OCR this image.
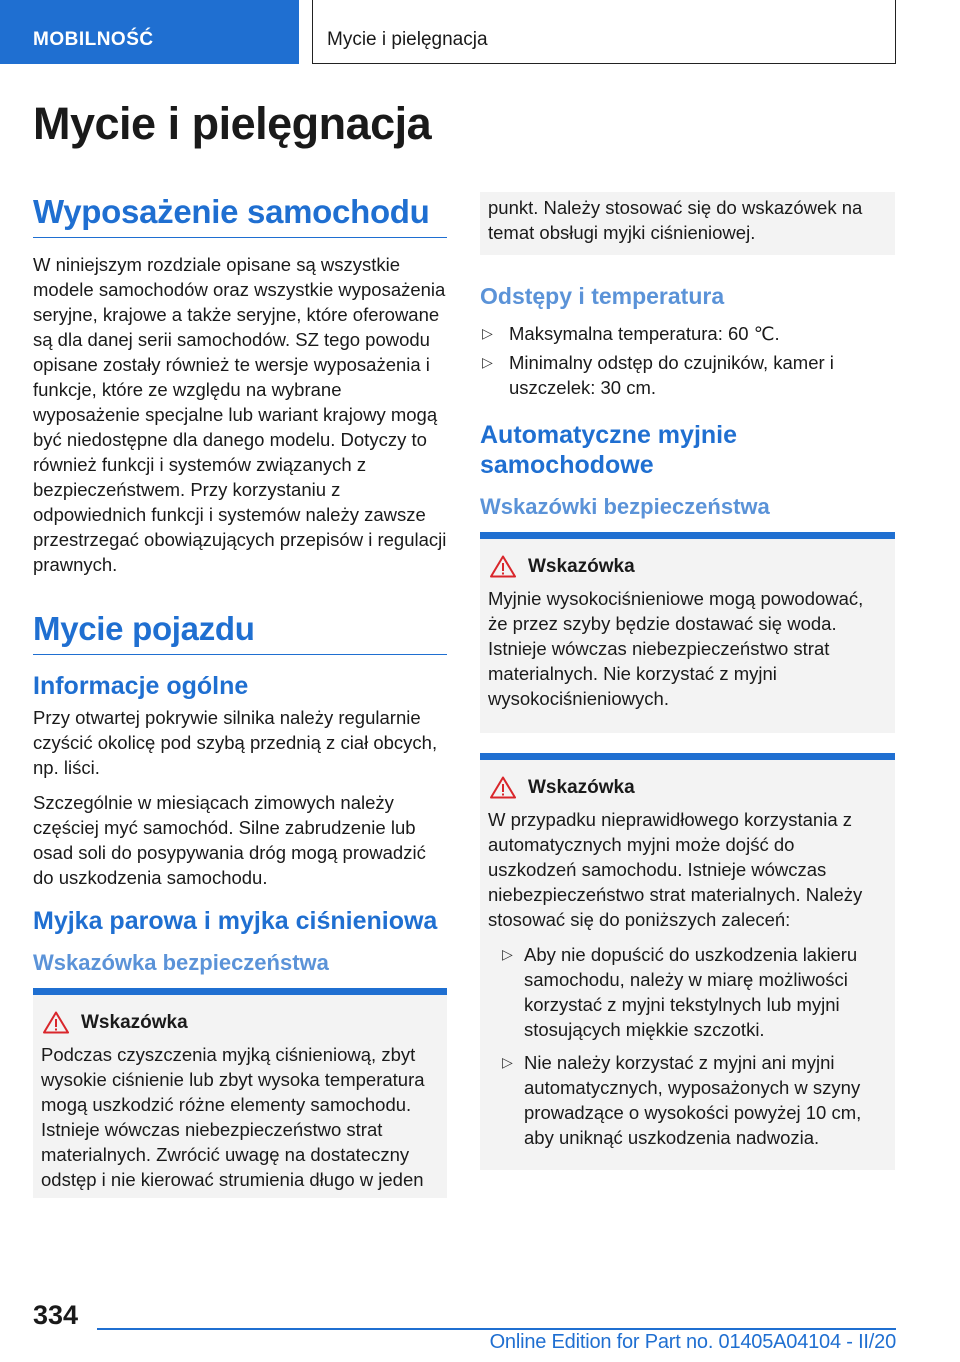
MOBILNOŚĆ	Mycie i pielęgnacja
Mycie i pielęgnacja
Wyposażenie samochodu

W niniejszym rozdziale opisane są wszystkie modele samochodów oraz wszystkie wyposażenia seryjne, krajowe a także seryjne, które oferowane są dla danej serii samochodów. SZ tego powodu opisane zostały również te wersje wyposażenia i funkcje, które ze względu na wybrane wyposażenie specjalne lub wariant krajowy mogą być niedostępne dla danego modelu. Dotyczy to również funkcji i systemów związanych z bezpieczeństwem. Przy korzystaniu z odpowiednich funkcji i systemów należy zawsze przestrzegać obowiązujących przepisów i regulacji prawnych.

Mycie pojazdu
Informacje ogólne

Przy otwartej pokrywie silnika należy regularnie czyścić okolicę pod szybą przednią z ciał obcych, np. liści.

Szczególnie w miesiącach zimowych należy częściej myć samochód. Silne zabrudzenie lub osad soli do posypywania dróg mogą prowadzić do uszkodzenia samochodu.

Myjka parowa i myjka ciśnieniowa
Wskazówka bezpieczeństwa
Wskazówka

Podczas czyszczenia myjką ciśnieniową, zbyt wysokie ciśnienie lub zbyt wysoka temperatura mogą uszkodzić różne elementy samochodu. Istnieje wówczas niebezpieczeństwo strat materialnych. Zwrócić uwagę na dostateczny odstęp i nie kierować strumienia długo w jeden

punkt. Należy stosować się do wskazówek na temat obsługi myjki ciśnieniowej.

Odstępy i temperatura
▷ Maksymalna temperatura: 60 ℃.
▷ Minimalny odstęp do czujników, kamer i uszczelek: 30 cm.
Automatyczne myjnie samochodowe
Wskazówki bezpieczeństwa
Wskazówka

Myjnie wysokociśnieniowe mogą powodować, że przez szyby będzie dostawać się woda. Istnieje wówczas niebezpieczeństwo strat materialnych. Nie korzystać z myjni wysokociśnieniowych.

Wskazówka

W przypadku nieprawidłowego korzystania z automatycznych myjni może dojść do uszkodzeń samochodu. Istnieje wówczas niebezpieczeństwo strat materialnych. Należy stosować się do poniższych zaleceń:

▷ Aby nie dopuścić do uszkodzenia lakieru samochodu, należy w miarę możliwości korzystać z myjni tekstylnych lub myjni stosujących miękkie szczotki.
▷ Nie należy korzystać z myjni ani myjni automatycznych, wyposażonych w szyny prowadzące o wysokości powyżej 10 cm, aby uniknąć uszkodzenia nadwozia.
334
Online Edition for Part no. 01405A04104 - II/20
